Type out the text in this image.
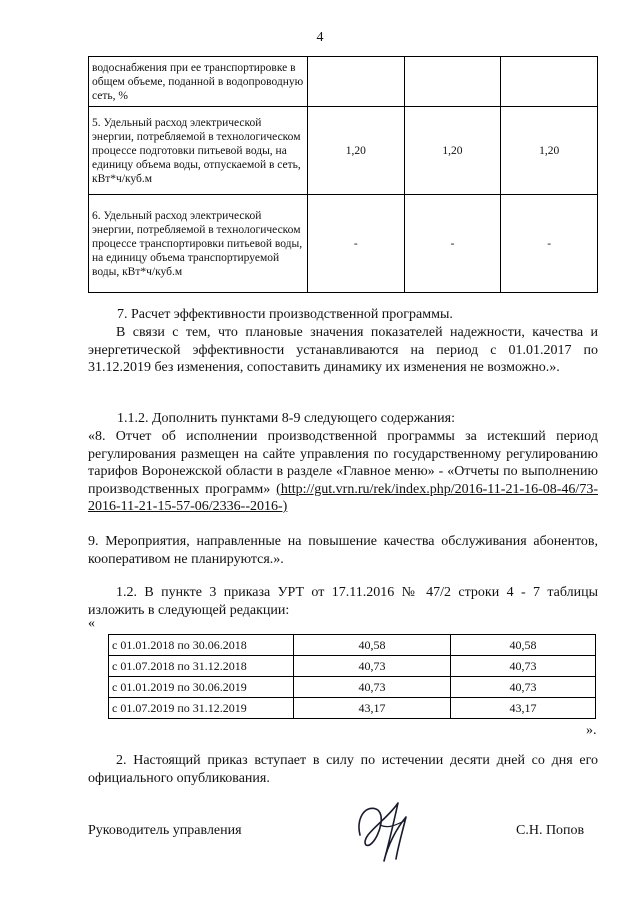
4
водоснабжения при ее транспортировке в общем объеме, поданной в водопроводную сеть, %			
5. Удельный расход электрической энергии, потребляемой в технологическом процессе подготовки питьевой воды, на единицу объема воды, отпускаемой в сеть, кВт*ч/куб.м	1,20	1,20	1,20
6. Удельный расход электрической энергии, потребляемой в технологическом процессе транспортировки питьевой воды, на единицу объема транспортируемой воды, кВт*ч/куб.м	-	-	-
7. Расчет эффективности производственной программы.
В связи с тем, что плановые значения показателей надежности, качества и энергетической эффективности устанавливаются на период с 01.01.2017 по 31.12.2019 без изменения, сопоставить динамику их изменения не возможно.».
1.1.2. Дополнить пунктами 8-9 следующего содержания:
«8. Отчет об исполнении производственной программы за истекший период регулирования размещен на сайте управления по государственному регулированию тарифов Воронежской области в разделе «Главное меню» - «Отчеты по выполнению производственных программ» (http://gut.vrn.ru/rek/index.php/2016-11-21-16-08-46/73-2016-11-21-15-57-06/2336--2016-)
9. Мероприятия, направленные на повышение качества обслуживания абонентов, кооперативом не планируются.».
1.2. В пункте 3 приказа УРТ от 17.11.2016 № 47/2 строки 4 - 7 таблицы изложить в следующей редакции:
«
с 01.01.2018 по 30.06.2018	40,58	40,58
с 01.07.2018 по 31.12.2018	40,73	40,73
с 01.01.2019 по 30.06.2019	40,73	40,73
с 01.07.2019 по 31.12.2019	43,17	43,17
».
2. Настоящий приказ вступает в силу по истечении десяти дней со дня его официального опубликования.
Руководитель управления	С.Н. Попов
